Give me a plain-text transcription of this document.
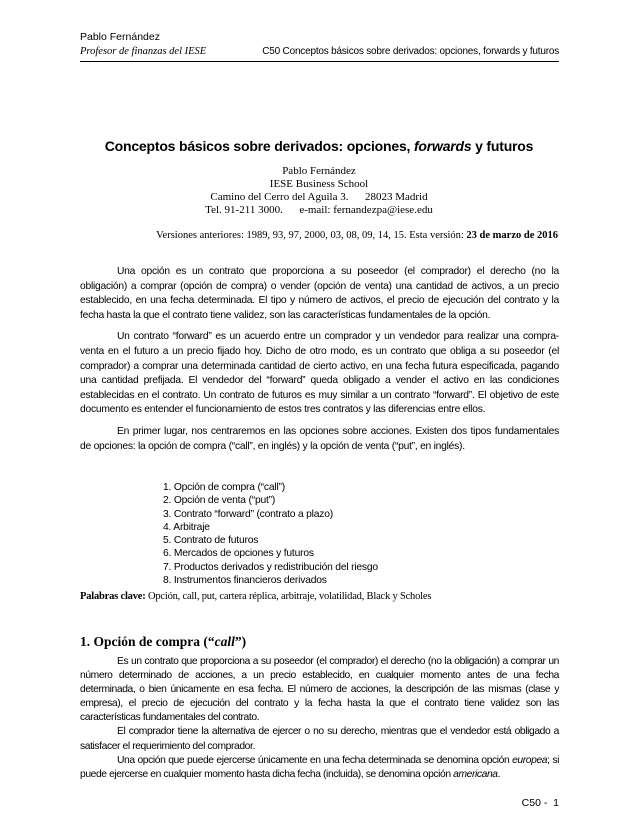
Pablo Fernández
Profesor de finanzas del IESE	C50 Conceptos básicos sobre derivados: opciones, forwards y futuros
Conceptos básicos sobre derivados: opciones, forwards y futuros
Pablo Fernández
IESE Business School
Camino del Cerro del Aguila 3.      28023 Madrid
Tel. 91-211 3000.      e-mail: fernandezpa@iese.edu
Versiones anteriores: 1989, 93, 97, 2000, 03, 08, 09, 14, 15. Esta versión: 23 de marzo de 2016

Una opción es un contrato que proporciona a su poseedor (el comprador) el derecho (no la obligación) a comprar (opción de compra) o vender (opción de venta) una cantidad de activos, a un precio establecido, en una fecha determinada. El tipo y número de activos, el precio de ejecución del contrato y la fecha hasta la que el contrato tiene validez, son las características fundamentales de la opción.

Un contrato “forward” es un acuerdo entre un comprador y un vendedor para realizar una compra-venta en el futuro a un precio fijado hoy. Dicho de otro modo, es un contrato que obliga a su poseedor (el comprador) a comprar una determinada cantidad de cierto activo, en una fecha futura especificada, pagando una cantidad prefijada. El vendedor del “forward” queda obligado a vender el activo en las condiciones establecidas en el contrato. Un contrato de futuros es muy similar a un contrato “forward”. El objetivo de este documento es entender el funcionamiento de estos tres contratos y las diferencias entre ellos.

En primer lugar, nos centraremos en las opciones sobre acciones. Existen dos tipos fundamentales de opciones: la opción de compra (“call”, en inglés) y la opción de venta (“put”, en inglés).

1. Opción de compra (“call”)
2. Opción de venta (“put”)
3. Contrato “forward” (contrato a plazo)
4. Arbitraje
5. Contrato de futuros
6. Mercados de opciones y futuros
7. Productos derivados y redistribución del riesgo
8. Instrumentos financieros derivados
Palabras clave: Opción, call, put, cartera réplica, arbitraje, volatilidad, Black y Scholes
1. Opción de compra (“call”)

Es un contrato que proporciona a su poseedor (el comprador) el derecho (no la obligación) a comprar un número determinado de acciones, a un precio establecido, en cualquier momento antes de una fecha determinada, o bien únicamente en esa fecha. El número de acciones, la descripción de las mismas (clase y empresa), el precio de ejecución del contrato y la fecha hasta la que el contrato tiene validez son las características fundamentales del contrato.

El comprador tiene la alternativa de ejercer o no su derecho, mientras que el vendedor está obligado a satisfacer el requerimiento del comprador.

Una opción que puede ejercerse únicamente en una fecha determinada se denomina opción europea; si puede ejercerse en cualquier momento hasta dicha fecha (incluida), se denomina opción americana.

C50 -  1
